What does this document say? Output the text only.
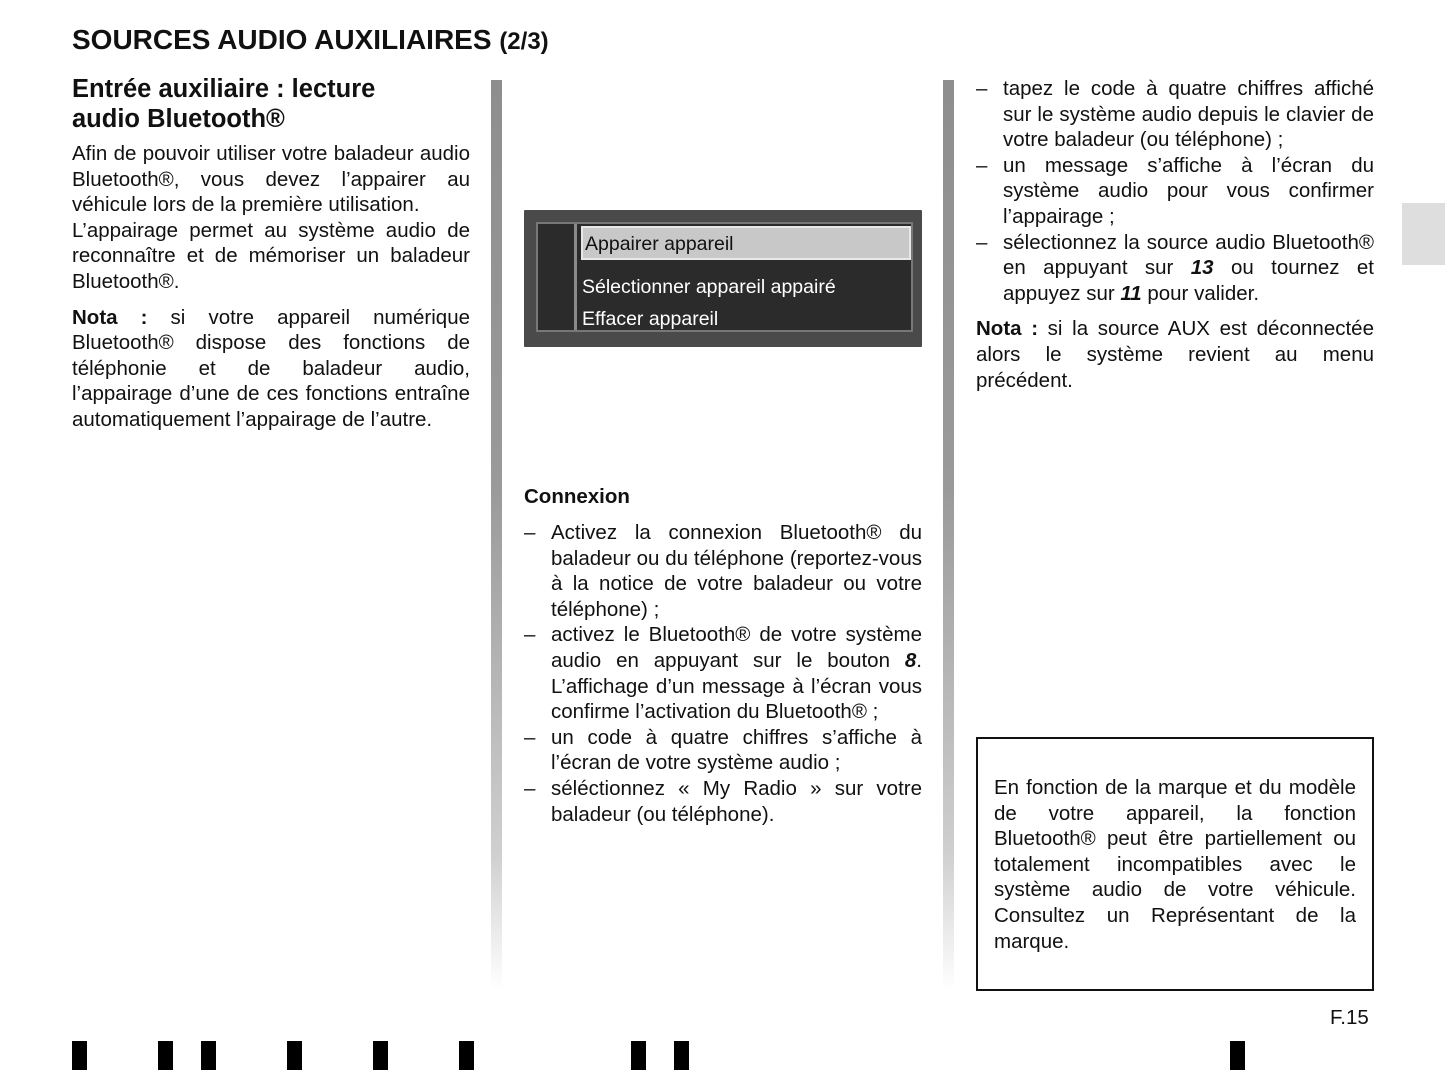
SOURCES AUDIO AUXILIAIRES (2/3)
Entrée auxiliaire : lecture
audio Bluetooth®

Afin de pouvoir utiliser votre baladeur audio Bluetooth®, vous devez l’appairer au véhicule lors de la première utilisation.

L’appairage permet au système audio de reconnaître et de mémoriser un baladeur Bluetooth®.

Nota : si votre appareil numérique Bluetooth® dispose des fonctions de téléphonie et de baladeur audio, l’appairage d’une de ces fonctions entraîne automatiquement l’appairage de l’autre.

Appairer appareil
Sélectionner appareil appairé
Effacer appareil
Connexion
– Activez la connexion Bluetooth® du baladeur ou du téléphone (reportez-vous à la notice de votre baladeur ou votre téléphone) ;
– activez le Bluetooth® de votre système audio en appuyant sur le bouton 8. L’affichage d’un message à l’écran vous confirme l’activation du Bluetooth® ;
– un code à quatre chiffres s’affiche à l’écran de votre système audio ;
– séléctionnez « My Radio » sur votre baladeur (ou téléphone).
– tapez le code à quatre chiffres affiché sur le système audio depuis le clavier de votre baladeur (ou téléphone) ;
– un message s’affiche à l’écran du système audio pour vous confirmer l’appairage ;
– sélectionnez la source audio Bluetooth® en appuyant sur 13 ou tournez et appuyez sur 11 pour valider.

Nota : si la source AUX est déconnectée alors le système revient au menu précédent.

En fonction de la marque et du modèle de votre appareil, la fonction Bluetooth® peut être partiellement ou totalement incompatibles avec le système audio de votre véhicule. Consultez un Représentant de la marque.

F.15
